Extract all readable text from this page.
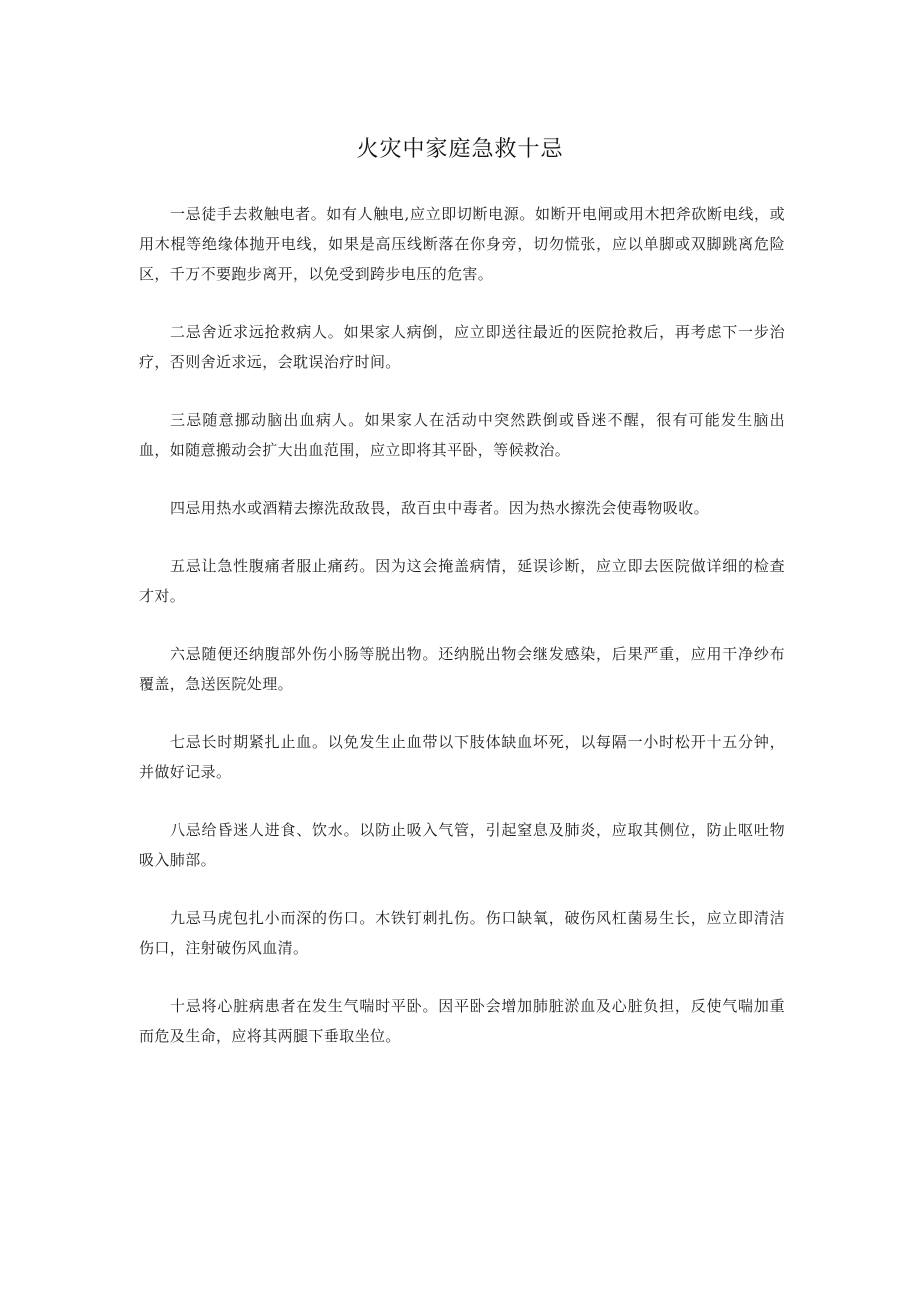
火灾中家庭急救十忌

一忌徒手去救触电者。如有人触电,应立即切断电源。如断开电闸或用木把斧砍断电线，或用木棍等绝缘体抛开电线，如果是高压线断落在你身旁，切勿慌张，应以单脚或双脚跳离危险区，千万不要跑步离开，以免受到跨步电压的危害。

二忌舍近求远抢救病人。如果家人病倒，应立即送往最近的医院抢救后，再考虑下一步治疗，否则舍近求远，会耽误治疗时间。

三忌随意挪动脑出血病人。如果家人在活动中突然跌倒或昏迷不醒，很有可能发生脑出血，如随意搬动会扩大出血范围，应立即将其平卧，等候救治。

四忌用热水或酒精去擦洗敌敌畏，敌百虫中毒者。因为热水擦洗会使毒物吸收。

五忌让急性腹痛者服止痛药。因为这会掩盖病情，延误诊断，应立即去医院做详细的检查才对。

六忌随便还纳腹部外伤小肠等脱出物。还纳脱出物会继发感染，后果严重，应用干净纱布覆盖，急送医院处理。

七忌长时期紧扎止血。以免发生止血带以下肢体缺血坏死，以每隔一小时松开十五分钟，并做好记录。

八忌给昏迷人进食、饮水。以防止吸入气管，引起窒息及肺炎，应取其侧位，防止呕吐物吸入肺部。

九忌马虎包扎小而深的伤口。木铁钉刺扎伤。伤口缺氧，破伤风杠菌易生长，应立即清洁伤口，注射破伤风血清。

十忌将心脏病患者在发生气喘时平卧。因平卧会增加肺脏淤血及心脏负担，反使气喘加重而危及生命，应将其两腿下垂取坐位。
